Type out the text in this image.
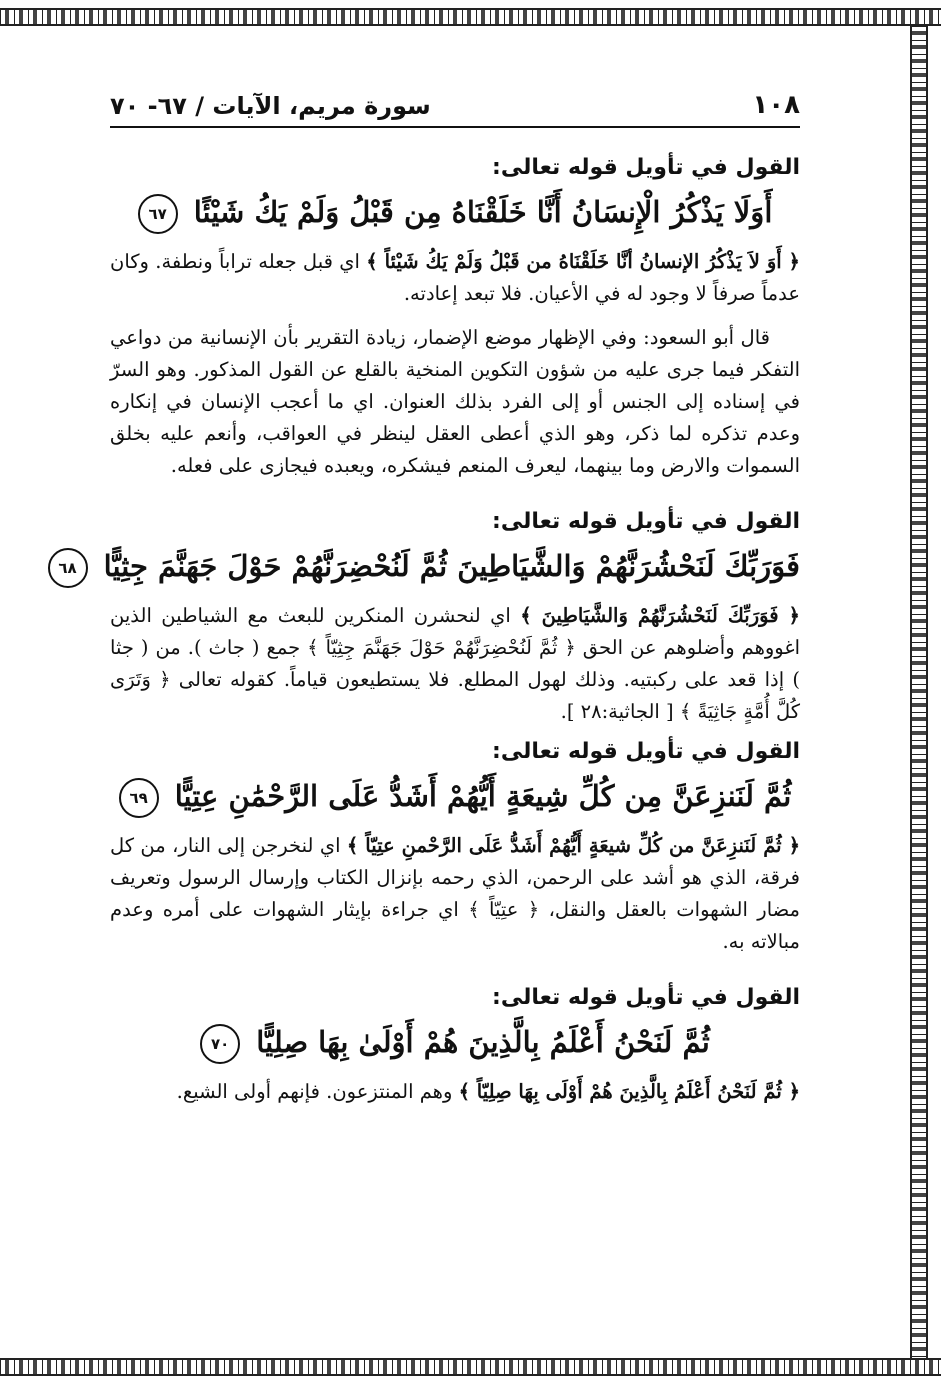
١٠٨
سورة مريم، الآيات / ٦٧- ٧٠
القول في تأويل قوله تعالى:
أَوَلَا يَذْكُرُ الْإِنسَانُ أَنَّا خَلَقْنَاهُ مِن قَبْلُ وَلَمْ يَكُ شَيْئًا ٦٧
﴿ أَوَ لاَ يَذْكُرُ الإنسانُ أنَّا خَلَقْنَاهُ من قَبْلُ وَلَمْ يَكُ شَيْئاً ﴾ اي قبل جعله تراباً ونطفة. وكان عدماً صرفاً لا وجود له في الأعيان. فلا تبعد إعادته.
قال أبو السعود: وفي الإظهار موضع الإضمار، زيادة التقرير بأن الإنسانية من دواعي التفكر فيما جرى عليه من شؤون التكوين المنخية بالقلع عن القول المذكور. وهو السرّ في إسناده إلى الجنس أو إلى الفرد بذلك العنوان. اي ما أعجب الإنسان في إنكاره وعدم تذكره لما ذكر، وهو الذي أعطى العقل لينظر في العواقب، وأنعم عليه بخلق السموات والارض وما بينهما، ليعرف المنعم فيشكره، ويعبده فيجازى على فعله.
القول في تأويل قوله تعالى:
فَوَرَبِّكَ لَنَحْشُرَنَّهُمْ وَالشَّيَاطِينَ ثُمَّ لَنُحْضِرَنَّهُمْ حَوْلَ جَهَنَّمَ جِثِيًّا ٦٨
﴿ فَوَرَبِّكَ لَنَحْشُرَنَّهُمْ وَالشَّيَاطِينَ ﴾ اي لنحشرن المنكرين للبعث مع الشياطين الذين اغووهم وأضلوهم عن الحق ﴿ ثُمَّ لَنُحْضِرَنَّهُمْ حَوْلَ جَهَنَّمَ جِثِيّاً ﴾ جمع ( جاث ). من ( جثا ) إذا قعد على ركبتيه. وذلك لهول المطلع. فلا يستطيعون قياماً. كقوله تعالى ﴿ وَتَرَى كُلَّ أُمَّةٍ جَاثِيَةً ﴾ [ الجاثية:٢٨ ].
القول في تأويل قوله تعالى:
ثُمَّ لَنَنزِعَنَّ مِن كُلِّ شِيعَةٍ أَيُّهُمْ أَشَدُّ عَلَى الرَّحْمَٰنِ عِتِيًّا ٦٩
﴿ ثُمَّ لَنَنزِعَنَّ من كُلِّ شيعَةٍ أَيُّهُمْ أَشَدُّ عَلَى الرَّحْمنِ عتِيّاً ﴾ اي لنخرجن إلى النار، من كل فرقة، الذي هو أشد على الرحمن، الذي رحمه بإنزال الكتاب وإرسال الرسول وتعريف مضار الشهوات بالعقل والنقل، ﴿ عتِيّاً ﴾ اي جراءة بإيثار الشهوات على أمره وعدم مبالاته به.
القول في تأويل قوله تعالى:
ثُمَّ لَنَحْنُ أَعْلَمُ بِالَّذِينَ هُمْ أَوْلَىٰ بِهَا صِلِيًّا ٧٠
﴿ ثُمَّ لَنَحْنُ أَعْلَمُ بِالَّذِينَ هُمْ أَوْلَى بِهَا صِلِيّاً ﴾ وهم المنتزعون. فإنهم أولى الشيع.
